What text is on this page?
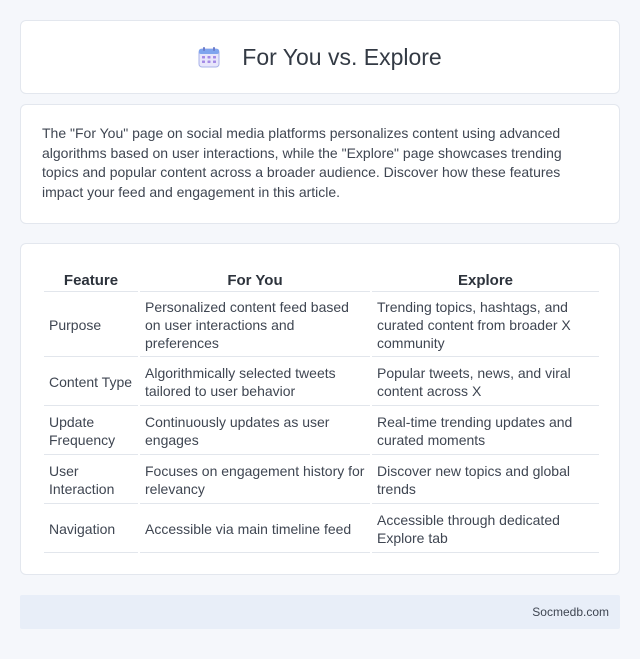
For You vs. Explore

The "For You" page on social media platforms personalizes content using advanced algorithms based on user interactions, while the "Explore" page showcases trending topics and popular content across a broader audience. Discover how these features impact your feed and engagement in this article.

Feature	For You	Explore
Purpose	Personalized content feed based on user interactions and preferences	Trending topics, hashtags, and curated content from broader X community
Content Type	Algorithmically selected tweets tailored to user behavior	Popular tweets, news, and viral content across X
Update Frequency	Continuously updates as user engages	Real-time trending updates and curated moments
User Interaction	Focuses on engagement history for relevancy	Discover new topics and global trends
Navigation	Accessible via main timeline feed	Accessible through dedicated Explore tab
Socmedb.com
